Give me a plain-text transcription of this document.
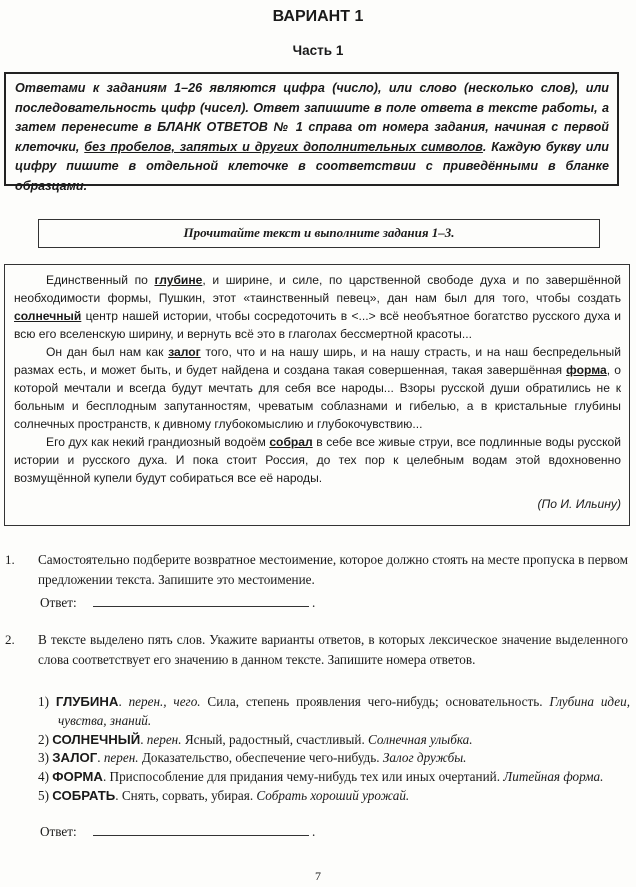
ВАРИАНТ 1
Часть 1
Ответами к заданиям 1–26 являются цифра (число), или слово (несколько слов), или последовательность цифр (чисел). Ответ запишите в поле ответа в тексте работы, а затем перенесите в БЛАНК ОТВЕТОВ № 1 справа от номера задания, начиная с первой клеточки, без пробелов, запятых и других дополнительных символов. Каждую букву или цифру пишите в отдельной клеточке в соответствии с приведёнными в бланке образцами.
Прочитайте текст и выполните задания 1–3.

Единственный по глубине, и ширине, и силе, по царственной свободе духа и по завершённой необходимости формы, Пушкин, этот «таинственный певец», дан нам был для того, чтобы создать солнечный центр нашей истории, чтобы сосредоточить в <...> всё необъятное богатство русского духа и всю его вселенскую ширину, и вернуть всё это в глаголах бессмертной красоты...

Он дан был нам как залог того, что и на нашу ширь, и на нашу страсть, и на наш беспредельный размах есть, и может быть, и будет найдена и создана такая совершенная, такая завершённая форма, о которой мечтали и всегда будут мечтать для себя все народы... Взоры русской души обратились не к больным и бесплодным запутанностям, чреватым соблазнами и гибелью, а в кристальные глубины солнечных пространств, к дивному глубокомыслию и глубокочувствию...

Его дух как некий грандиозный водоём собрал в себе все живые струи, все подлинные воды русской истории и русского духа. И пока стоит Россия, до тех пор к целебным водам этой вдохновенно возмущённой купели будут собираться все её народы.

(По И. Ильину)
1. Самостоятельно подберите возвратное местоимение, которое должно стоять на месте пропуска в первом предложении текста. Запишите это местоимение.
Ответ:	.
2. В тексте выделено пять слов. Укажите варианты ответов, в которых лексическое значение выделенного слова соответствует его значению в данном тексте. Запишите номера ответов.
1) ГЛУБИНА. перен., чего. Сила, степень проявления чего-нибудь; основательность. Глубина идеи, чувства, знаний.
2) СОЛНЕЧНЫЙ. перен. Ясный, радостный, счастливый. Солнечная улыбка.
3) ЗАЛОГ. перен. Доказательство, обеспечение чего-нибудь. Залог дружбы.
4) ФОРМА. Приспособление для придания чему-нибудь тех или иных очертаний. Литейная форма.
5) СОБРАТЬ. Снять, сорвать, убирая. Собрать хороший урожай.
Ответ:	.
7
